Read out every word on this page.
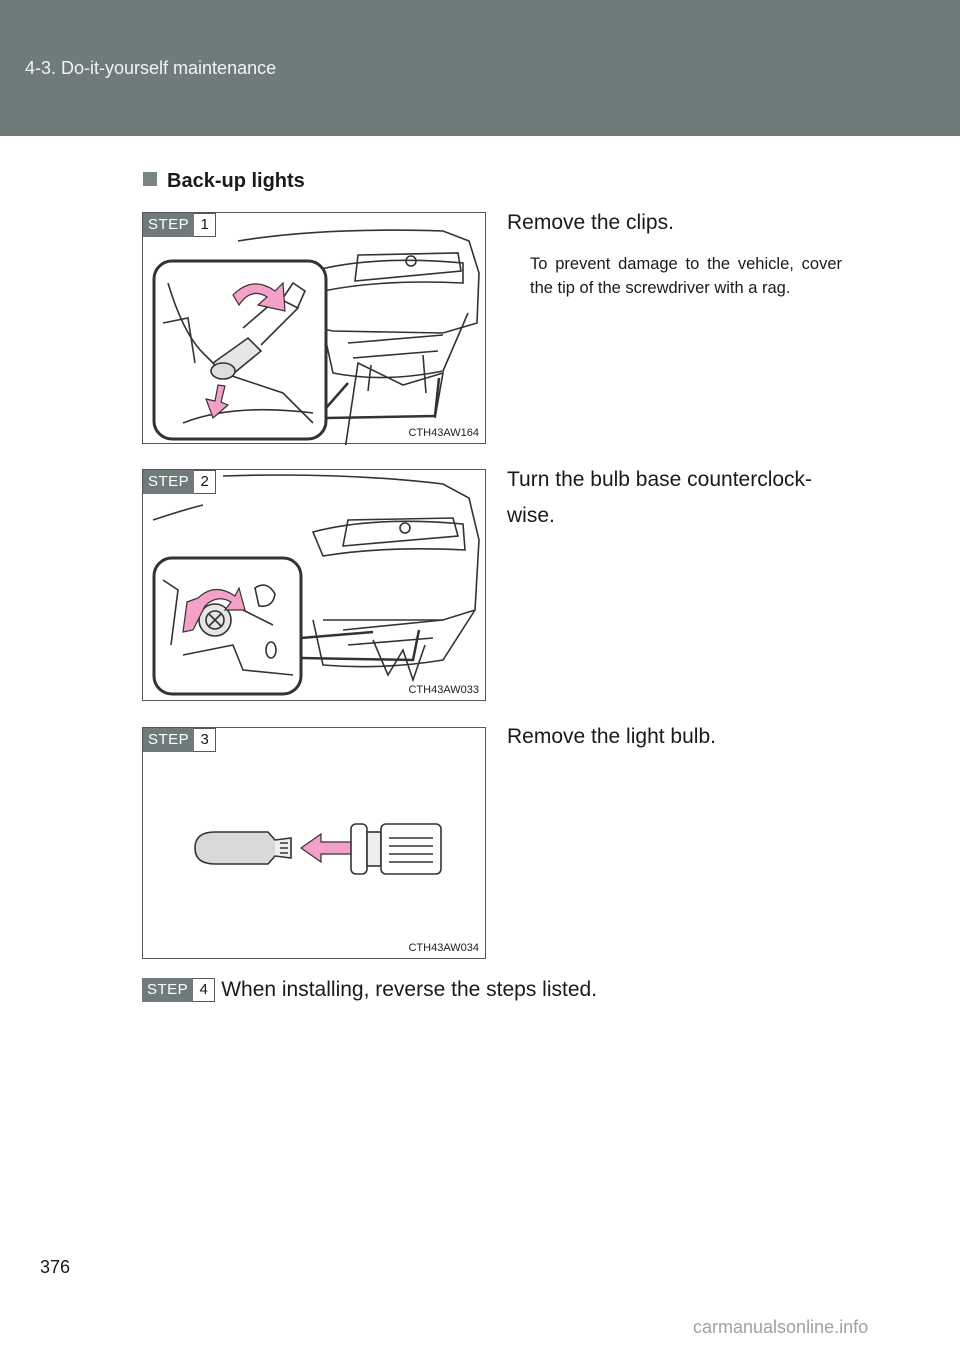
4-3. Do-it-yourself maintenance
Back-up lights
STEP 1
CTH43AW164
Remove the clips.
To prevent damage to the vehicle, cover the tip of the screwdriver with a rag.
STEP 2
CTH43AW033
Turn the bulb base counterclock-wise.
STEP 3
CTH43AW034
Remove the light bulb.
STEP 4 When installing, reverse the steps listed.
376
carmanualsonline.info
